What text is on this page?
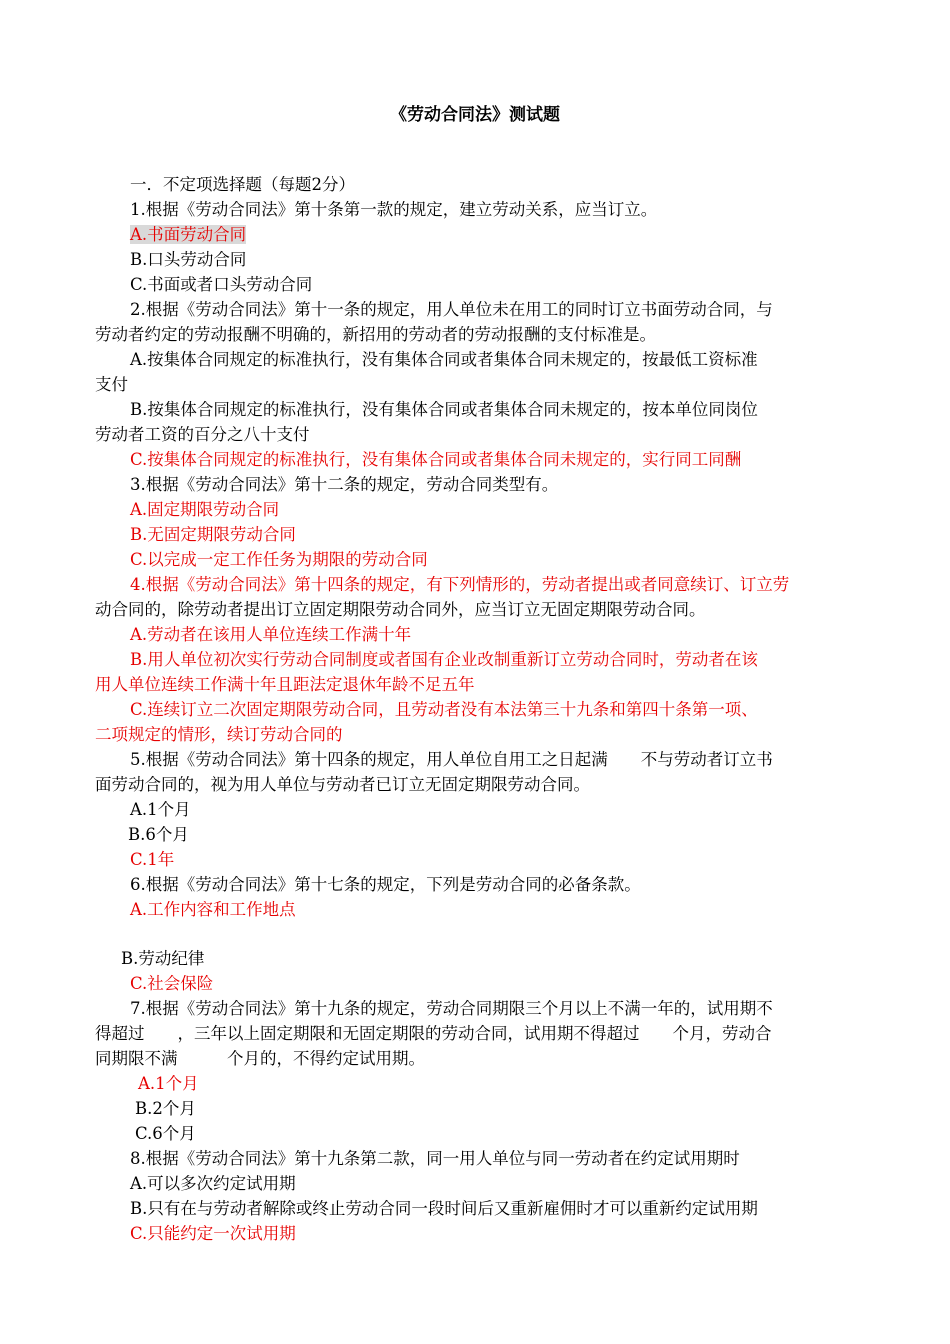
《劳动合同法》测试题
一．不定项选择题（每题2分）
1.根据《劳动合同法》第十条第一款的规定，建立劳动关系，应当订立。
A.书面劳动合同
B.口头劳动合同
C.书面或者口头劳动合同
2.根据《劳动合同法》第十一条的规定，用人单位未在用工的同时订立书面劳动合同，与
劳动者约定的劳动报酬不明确的，新招用的劳动者的劳动报酬的支付标准是。
A.按集体合同规定的标准执行，没有集体合同或者集体合同未规定的，按最低工资标准
支付
B.按集体合同规定的标准执行，没有集体合同或者集体合同未规定的，按本单位同岗位
劳动者工资的百分之八十支付
C.按集体合同规定的标准执行，没有集体合同或者集体合同未规定的，实行同工同酬
3.根据《劳动合同法》第十二条的规定，劳动合同类型有。
A.固定期限劳动合同
B.无固定期限劳动合同
C.以完成一定工作任务为期限的劳动合同
4.根据《劳动合同法》第十四条的规定，有下列情形的，劳动者提出或者同意续订、订立劳
动合同的，除劳动者提出订立固定期限劳动合同外，应当订立无固定期限劳动合同。
A.劳动者在该用人单位连续工作满十年
B.用人单位初次实行劳动合同制度或者国有企业改制重新订立劳动合同时，劳动者在该
用人单位连续工作满十年且距法定退休年龄不足五年
C.连续订立二次固定期限劳动合同，且劳动者没有本法第三十九条和第四十条第一项、
二项规定的情形，续订劳动合同的
5.根据《劳动合同法》第十四条的规定，用人单位自用工之日起满　　不与劳动者订立书
面劳动合同的，视为用人单位与劳动者已订立无固定期限劳动合同。
A.1个月
B.6个月
C.1年
6.根据《劳动合同法》第十七条的规定，下列是劳动合同的必备条款。
A.工作内容和工作地点
B.劳动纪律
C.社会保险
7.根据《劳动合同法》第十九条的规定，劳动合同期限三个月以上不满一年的，试用期不
得超过　　，三年以上固定期限和无固定期限的劳动合同，试用期不得超过　　个月，劳动合
同期限不满　　　个月的，不得约定试用期。
A.1个月
B.2个月
C.6个月
8.根据《劳动合同法》第十九条第二款，同一用人单位与同一劳动者在约定试用期时
A.可以多次约定试用期
B.只有在与劳动者解除或终止劳动合同一段时间后又重新雇佣时才可以重新约定试用期
C.只能约定一次试用期
